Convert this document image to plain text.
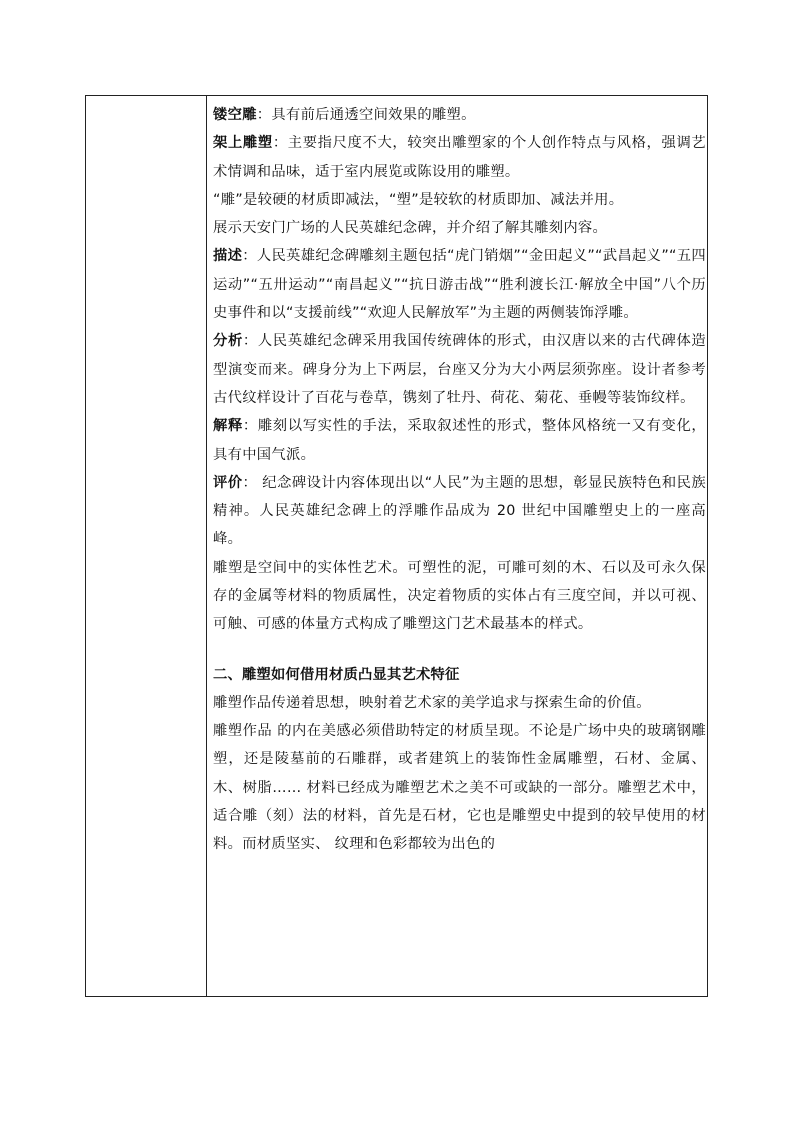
镂空雕：具有前后通透空间效果的雕塑。

架上雕塑：主要指尺度不大，较突出雕塑家的个人创作特点与风格，强调艺术情调和品味，适于室内展览或陈设用的雕塑。

“雕”是较硬的材质即减法，“塑”是较软的材质即加、减法并用。

展示天安门广场的人民英雄纪念碑，并介绍了解其雕刻内容。

描述：人民英雄纪念碑雕刻主题包括“虎门销烟”“金田起义”“武昌起义”“五四运动”“五卅运动”“南昌起义”“抗日游击战”“胜利渡长江·解放全中国”八个历史事件和以“支援前线”“欢迎人民解放军”为主题的两侧装饰浮雕。

分析：人民英雄纪念碑采用我国传统碑体的形式，由汉唐以来的古代碑体造型演变而来。碑身分为上下两层，台座又分为大小两层须弥座。设计者参考古代纹样设计了百花与卷草，镌刻了牡丹、荷花、菊花、垂幔等装饰纹样。

解释：雕刻以写实性的手法，采取叙述性的形式，整体风格统一又有变化，具有中国气派。

评价： 纪念碑设计内容体现出以“人民”为主题的思想，彰显民族特色和民族精神。人民英雄纪念碑上的浮雕作品成为 20 世纪中国雕塑史上的一座高峰。

雕塑是空间中的实体性艺术。可塑性的泥，可雕可刻的木、石以及可永久保存的金属等材料的物质属性，决定着物质的实体占有三度空间，并以可视、可触、可感的体量方式构成了雕塑这门艺术最基本的样式。

二、雕塑如何借用材质凸显其艺术特征

雕塑作品传递着思想，映射着艺术家的美学追求与探索生命的价值。

雕塑作品 的内在美感必须借助特定的材质呈现。不论是广场中央的玻璃钢雕塑，还是陵墓前的石雕群，或者建筑上的装饰性金属雕塑，石材、金属、木、树脂…… 材料已经成为雕塑艺术之美不可或缺的一部分。雕塑艺术中，适合雕（刻）法的材料，首先是石材，它也是雕塑史中提到的较早使用的材料。而材质坚实、 纹理和色彩都较为出色的
